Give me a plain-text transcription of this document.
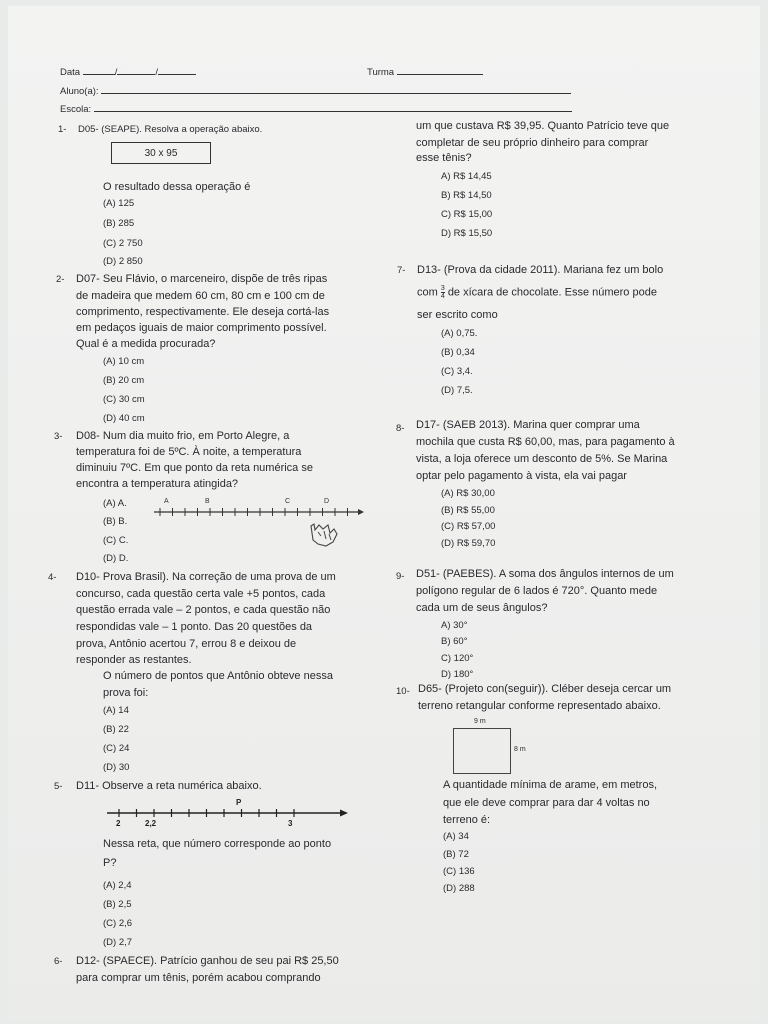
Data	/	/	Turma
Aluno(a):
Escola:
1- D05- (SEAPE). Resolva a operação abaixo.
30 x 95
O resultado dessa operação é
(A) 125
(B) 285
(C) 2 750
(D) 2 850
2- D07- Seu Flávio, o marceneiro, dispõe de três ripas
de madeira que medem 60 cm, 80 cm e 100 cm de
comprimento, respectivamente. Ele deseja cortá-las
em pedaços iguais de maior comprimento possível.
Qual é a medida procurada?
(A) 10 cm
(B) 20 cm
(C) 30 cm
(D) 40 cm
3- D08- Num dia muito frio, em Porto Alegre, a
temperatura foi de 5ºC. À noite, a temperatura
diminuiu 7ºC. Em que ponto da reta numérica se
encontra a temperatura atingida?
(A) A.
(B) B.
(C) C.
(D) D.
A	B	C	D
4- D10- Prova Brasil). Na correção de uma prova de um
concurso, cada questão certa vale +5 pontos, cada
questão errada vale – 2 pontos, e cada questão não
respondidas vale – 1 ponto. Das 20 questões da
prova, Antônio acertou 7, errou 8 e deixou de
responder as restantes.
O número de pontos que Antônio obteve nessa
prova foi:
(A) 14
(B) 22
(C) 24
(D) 30
5- D11- Observe a reta numérica abaixo.
P
2	2,2	3
Nessa reta, que número corresponde ao ponto
P?
(A) 2,4
(B) 2,5
(C) 2,6
(D) 2,7
6- D12- (SPAECE). Patrício ganhou de seu pai R$ 25,50
para comprar um tênis, porém acabou comprando
um que custava R$ 39,95. Quanto Patrício teve que
completar de seu próprio dinheiro para comprar
esse tênis?
A) R$ 14,45
B) R$ 14,50
C) R$ 15,00
D) R$ 15,50
7- D13- (Prova da cidade 2011). Mariana fez um bolo
com $\frac{3}{4}$ de xícara de chocolate. Esse número pode
ser escrito como
(A) 0,75.
(B) 0,34
(C) 3,4.
(D) 7,5.
8- D17- (SAEB 2013). Marina quer comprar uma
mochila que custa R$ 60,00, mas, para pagamento à
vista, a loja oferece um desconto de 5%. Se Marina
optar pelo pagamento à vista, ela vai pagar
(A) R$ 30,00
(B) R$ 55,00
(C) R$ 57,00
(D) R$ 59,70
9- D51- (PAEBES). A soma dos ângulos internos de um
polígono regular de 6 lados é 720°. Quanto mede
cada um de seus ângulos?
A) 30°
B) 60°
C) 120°
D) 180°
10- D65- (Projeto con(seguir)). Cléber deseja cercar um
terreno retangular conforme representado abaixo.
9 m
8 m
A quantidade mínima de arame, em metros,
que ele deve comprar para dar 4 voltas no
terreno é:
(A) 34
(B) 72
(C) 136
(D) 288
